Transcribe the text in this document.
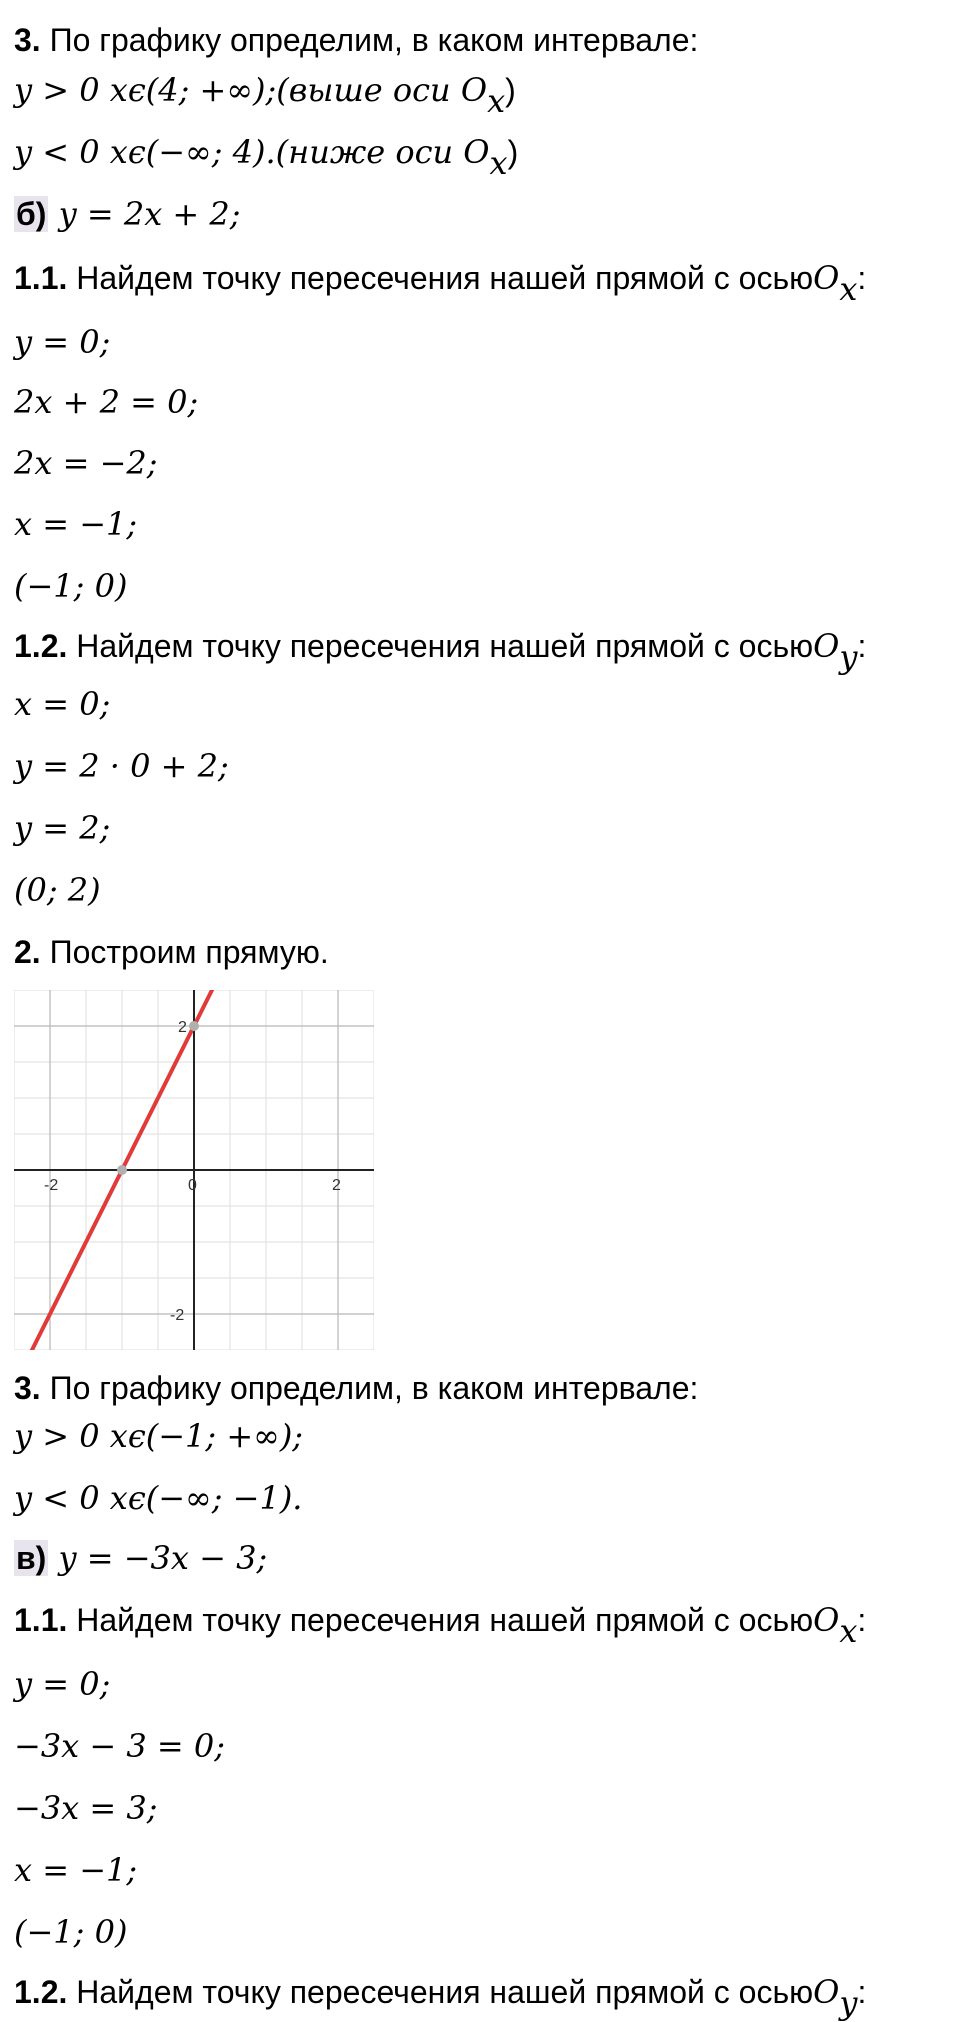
3. По графику определим, в каком интервале:
y > 0 xϵ(4; +∞);(выше оси $O_x$)
y < 0 xϵ(−∞; 4).(ниже оси $O_x$)
б) y = 2x + 2;
1.1. Найдем точку пересечения нашей прямой с осьюO$_x$:
y = 0;
2x + 2 = 0;
2x = −2;
x = −1;
(−1; 0)
1.2. Найдем точку пересечения нашей прямой с осьюO$_y$:
x = 0;
y = 2 · 0 + 2;
y = 2;
(0; 2)
2. Построим прямую.
3. По графику определим, в каком интервале:
y > 0 xϵ(−1; +∞);
y < 0 xϵ(−∞; −1).
в) y = −3x − 3;
1.1. Найдем точку пересечения нашей прямой с осьюO$_x$:
y = 0;
−3x − 3 = 0;
−3x = 3;
x = −1;
(−1; 0)
1.2. Найдем точку пересечения нашей прямой с осьюO$_y$:
-2	0	2
2
-2
